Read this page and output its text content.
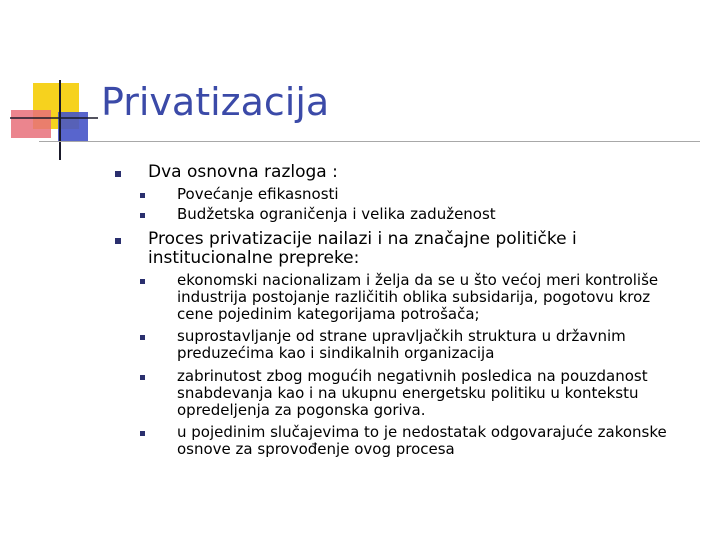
Privatizacija
Dva osnovna razloga :
Povećanje efikasnosti
Budžetska ograničenja i velika zaduženost
Proces privatizacije nailazi i na značajne političke i
institucionalne prepreke:
ekonomski nacionalizam i želja da se u što većoj meri kontroliše
industrija postojanje različitih oblika subsidarija, pogotovu kroz
cene pojedinim kategorijama potrošača;
suprostavljanje od strane upravljačkih struktura u državnim
preduzećima kao i sindikalnih organizacija
zabrinutost zbog mogućih negativnih posledica na pouzdanost
snabdevanja kao i na ukupnu energetsku politiku u kontekstu
opredeljenja za pogonska goriva.
u pojedinim slučajevima to je nedostatak odgovarajuće zakonske
osnove za sprovođenje ovog procesa
